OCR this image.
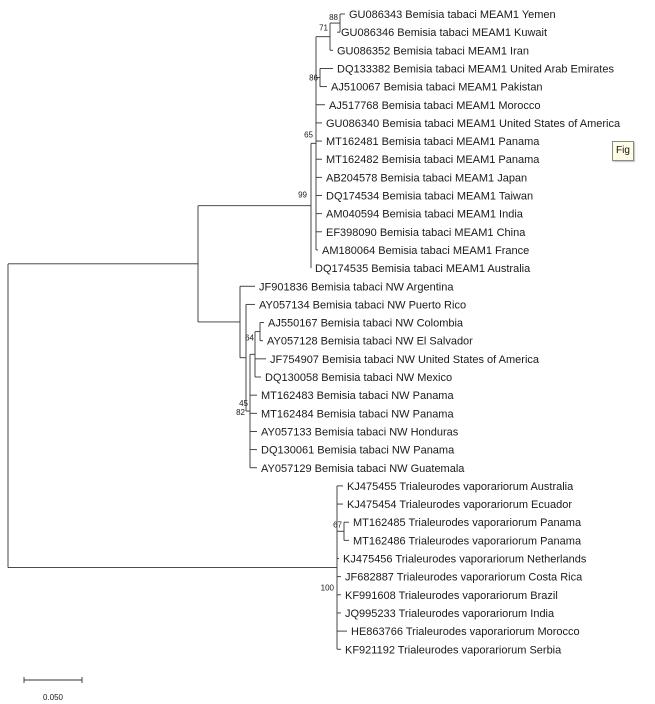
GU086343 Bemisia tabaci MEAM1 Yemen
GU086346 Bemisia tabaci MEAM1 Kuwait
GU086352 Bemisia tabaci MEAM1 Iran
DQ133382 Bemisia tabaci MEAM1 United Arab Emirates
AJ510067 Bemisia tabaci MEAM1 Pakistan
AJ517768 Bemisia tabaci MEAM1 Morocco
GU086340 Bemisia tabaci MEAM1 United States of America
MT162481 Bemisia tabaci MEAM1 Panama
MT162482 Bemisia tabaci MEAM1 Panama
AB204578 Bemisia tabaci MEAM1 Japan
DQ174534 Bemisia tabaci MEAM1 Taiwan
AM040594 Bemisia tabaci MEAM1 India
EF398090 Bemisia tabaci MEAM1 China
AM180064 Bemisia tabaci MEAM1 France
DQ174535 Bemisia tabaci MEAM1 Australia
JF901836 Bemisia tabaci NW Argentina
AY057134 Bemisia tabaci NW Puerto Rico
AJ550167 Bemisia tabaci NW Colombia
AY057128 Bemisia tabaci NW El Salvador
JF754907 Bemisia tabaci NW United States of America
DQ130058 Bemisia tabaci NW Mexico
MT162483 Bemisia tabaci NW Panama
MT162484 Bemisia tabaci NW Panama
AY057133 Bemisia tabaci NW Honduras
DQ130061 Bemisia tabaci NW Panama
AY057129 Bemisia tabaci NW Guatemala
KJ475455 Trialeurodes vaporariorum Australia
KJ475454 Trialeurodes vaporariorum Ecuador
MT162485 Trialeurodes vaporariorum Panama
MT162486 Trialeurodes vaporariorum Panama
KJ475456 Trialeurodes vaporariorum Netherlands
JF682887 Trialeurodes vaporariorum Costa Rica
KF991608 Trialeurodes vaporariorum Brazil
JQ995233 Trialeurodes vaporariorum India
HE863766 Trialeurodes vaporariorum Morocco
KF921192 Trialeurodes vaporariorum Serbia
88
71
86
65
99
82
64
45
67
100
0.050
Fig
